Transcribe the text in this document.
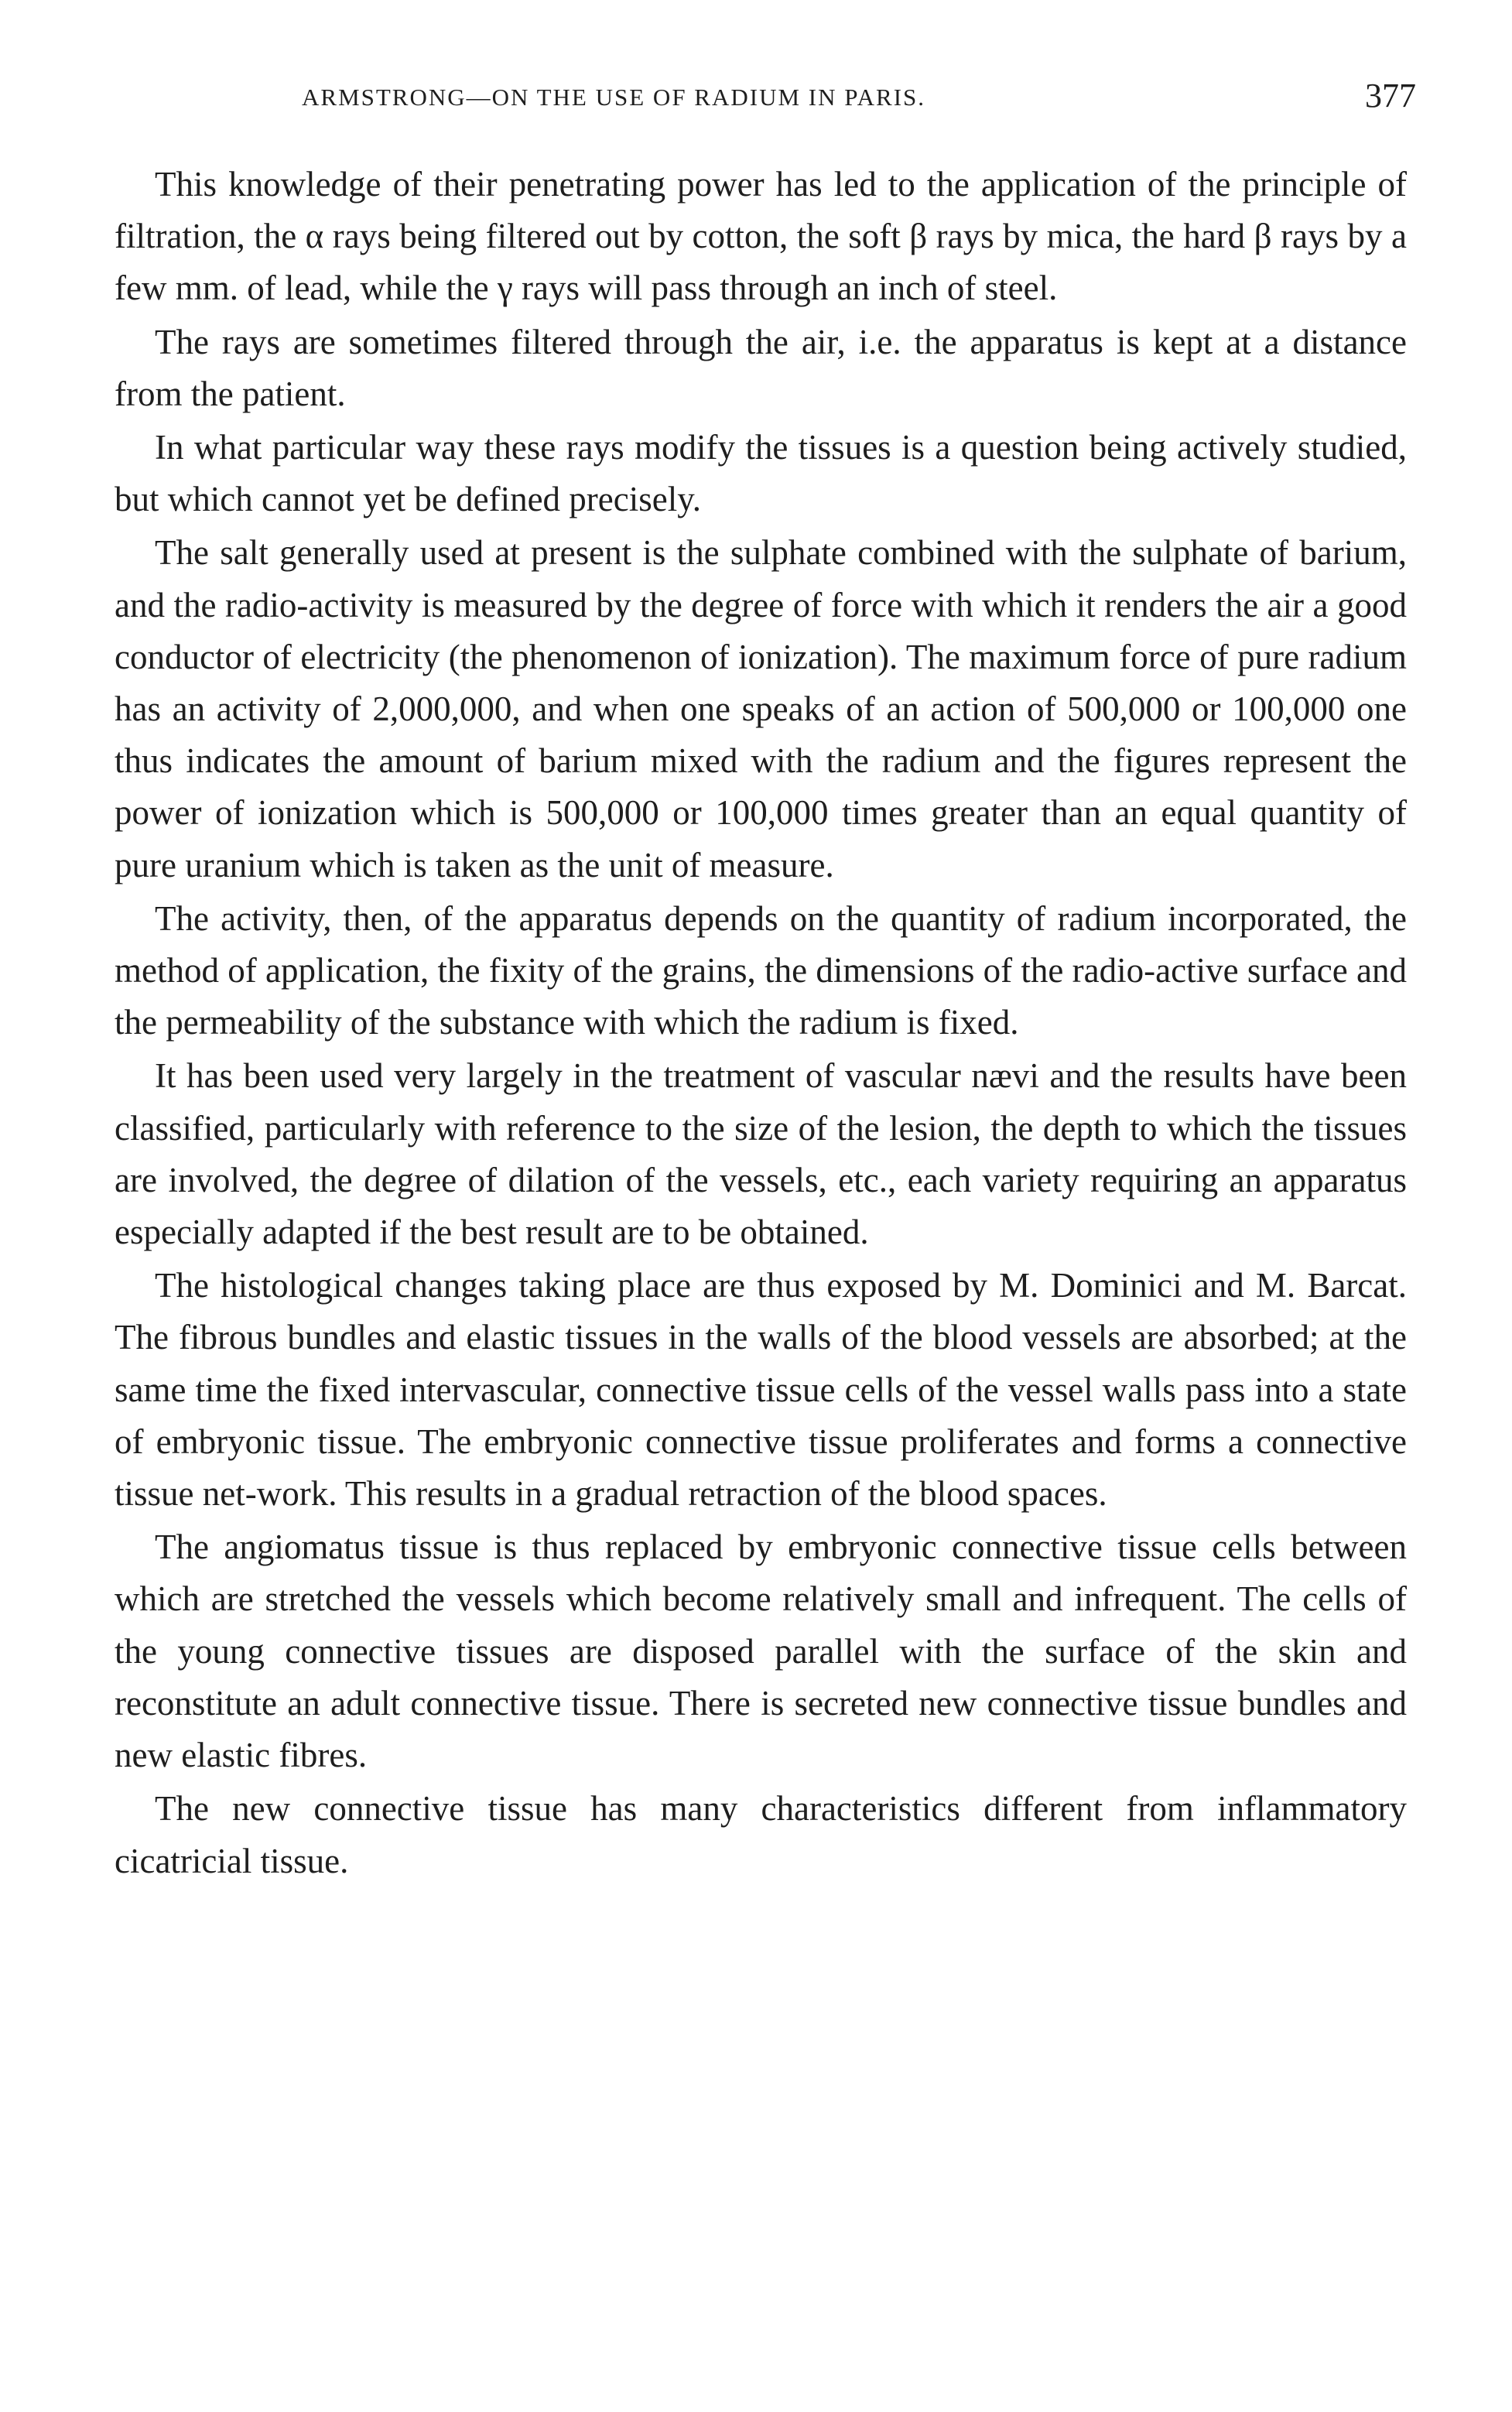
ARMSTRONG—ON THE USE OF RADIUM IN PARIS.	377

This knowledge of their penetrating power has led to the application of the principle of filtration, the α rays being filtered out by cotton, the soft β rays by mica, the hard β rays by a few mm. of lead, while the γ rays will pass through an inch of steel.

The rays are sometimes filtered through the air, i.e. the apparatus is kept at a distance from the patient.

In what particular way these rays modify the tissues is a question being actively studied, but which cannot yet be defined precisely.

The salt generally used at present is the sulphate combined with the sulphate of barium, and the radio-activity is measured by the degree of force with which it renders the air a good conductor of electricity (the phenomenon of ionization). The maximum force of pure radium has an activity of 2,000,000, and when one speaks of an action of 500,000 or 100,000 one thus indicates the amount of barium mixed with the radium and the figures represent the power of ionization which is 500,000 or 100,000 times greater than an equal quantity of pure uranium which is taken as the unit of measure.

The activity, then, of the apparatus depends on the quantity of radium incorporated, the method of application, the fixity of the grains, the dimensions of the radio-active surface and the permeability of the substance with which the radium is fixed.

It has been used very largely in the treatment of vascular nævi and the results have been classified, particularly with reference to the size of the lesion, the depth to which the tissues are involved, the degree of dilation of the vessels, etc., each variety requiring an apparatus especially adapted if the best result are to be obtained.

The histological changes taking place are thus exposed by M. Dominici and M. Barcat. The fibrous bundles and elastic tissues in the walls of the blood vessels are absorbed; at the same time the fixed intervascular, connective tissue cells of the vessel walls pass into a state of embryonic tissue. The embryonic connective tissue proliferates and forms a connective tissue net-work. This results in a gradual retraction of the blood spaces.

The angiomatus tissue is thus replaced by embryonic connective tissue cells between which are stretched the vessels which become relatively small and infrequent. The cells of the young connective tissues are disposed parallel with the surface of the skin and reconstitute an adult connective tissue. There is secreted new connective tissue bundles and new elastic fibres.

The new connective tissue has many characteristics different from inflammatory cicatricial tissue.
